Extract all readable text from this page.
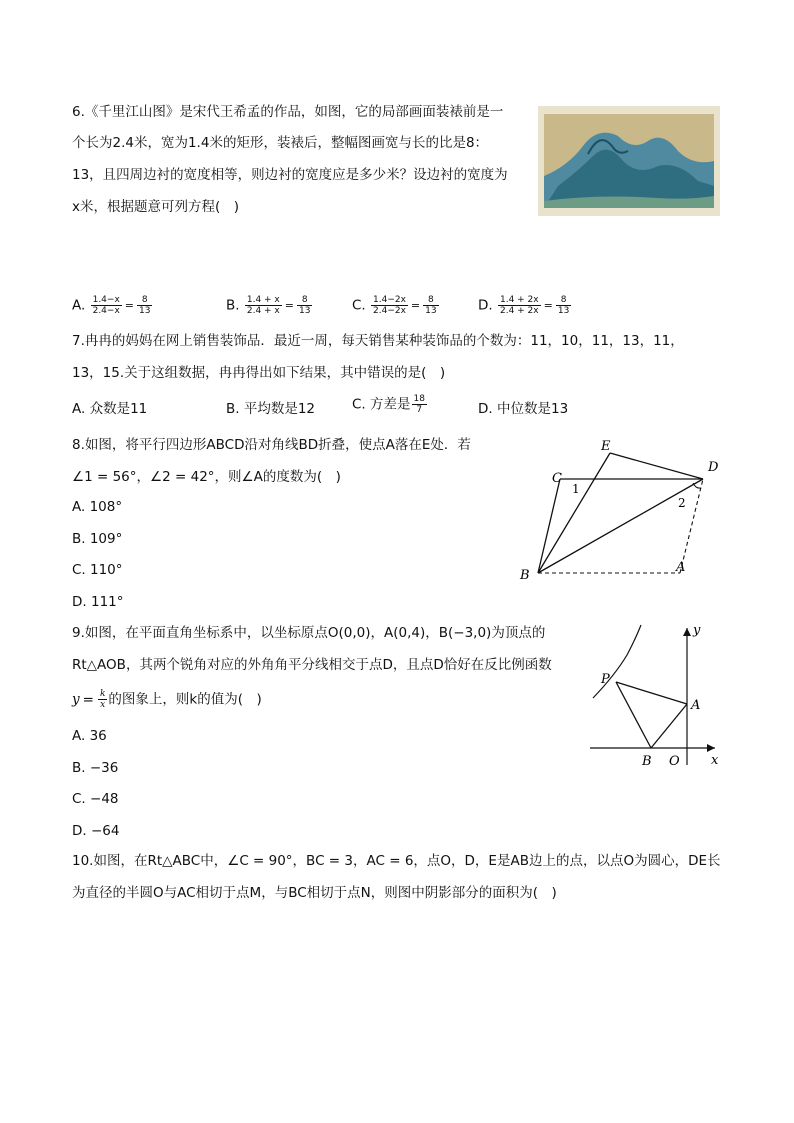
6.《千里江山图》是宋代王希孟的作品，如图，它的局部画面装裱前是一
个长为2.4米，宽为1.4米的矩形，装裱后，整幅图画宽与长的比是8：
13，且四周边衬的宽度相等，则边衬的宽度应是多少米？设边衬的宽度为
x米，根据题意可列方程(　)
A. $\frac{1.4-x}{2.4-x} = \frac{8}{13}$	B. $\frac{1.4 + x}{2.4 + x} = \frac{8}{13}$	C. $\frac{1.4-2x}{2.4-2x} = \frac{8}{13}$	D. $\frac{1.4 + 2x}{2.4 + 2x} = \frac{8}{13}$
7.冉冉的妈妈在网上销售装饰品．最近一周，每天销售某种装饰品的个数为：11，10，11，13，11，
13，15.关于这组数据，冉冉得出如下结果，其中错误的是(　)
A. 众数是11	B. 平均数是12	C. 方差是 $\frac{18}{7}$	D. 中位数是13
8.如图，将平行四边形ABCD沿对角线BD折叠，使点A落在E处．若
∠1 = 56°，∠2 = 42°，则∠A的度数为(　)
A. 108°
B. 109°
C. 110°
D. 111°
E
C
D
B
A
1
2
9.如图，在平面直角坐标系中，以坐标原点O(0,0)，A(0,4)，B(−3,0)为顶点的
Rt△AOB，其两个锐角对应的外角角平分线相交于点D，且点D恰好在反比例函数
$y = \frac{k}{x}$ 的图象上，则k的值为(　)
A. 36
B. −36
C. −48
D. −64
y
x
P
A
B O
10.如图，在Rt△ABC中，∠C = 90°，BC = 3，AC = 6，点O，D，E是AB边上的点，以点O为圆心，DE长
为直径的半圆O与AC相切于点M，与BC相切于点N，则图中阴影部分的面积为(　)
